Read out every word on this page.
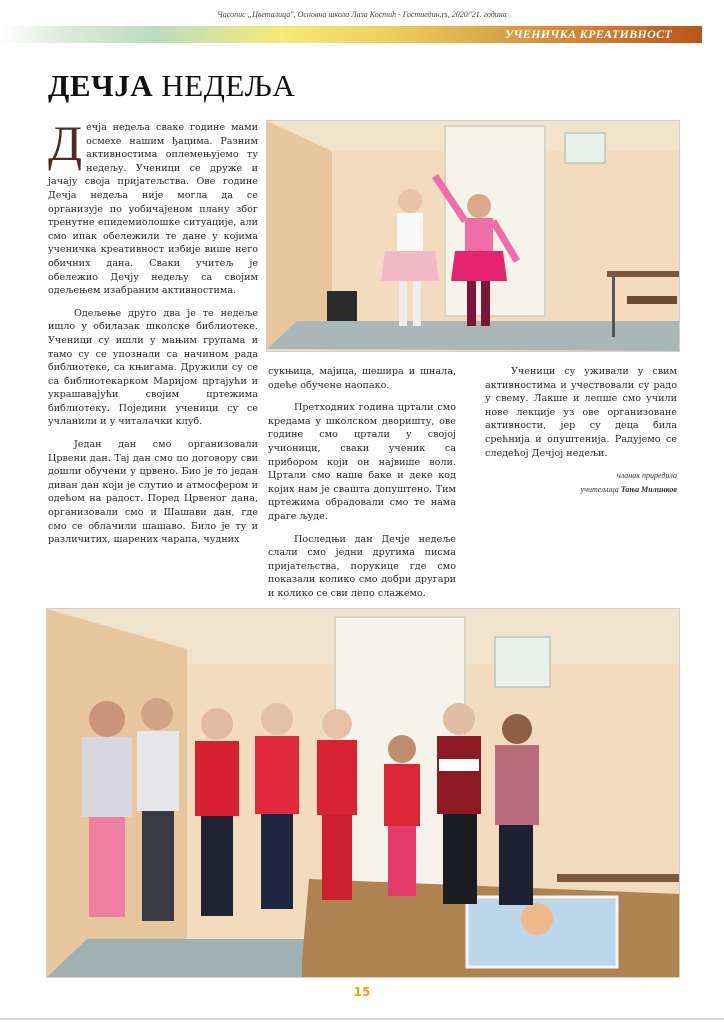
Часопис „Цветалица", Основна школа Лаза Костић - Гостиедин.rs, 2020/'21. година
УЧЕНИЧКА КРЕАТИВНОСТ
ДЕЧЈА НЕДЕЉА

Дечја недеља сваке године мами осмехе нашим ђацима. Разним активностима оплемењујемо ту недељу. Ученици се друже и јачају своја пријатељства. Ове године Дечја недеља није могла да се организује по уобичајеном плану због тренутне епидемиолошке ситуације, али смо ипак обележили те дане у којима ученичка креативност избије више него обичних дана. Сваки учитељ је обележио Дечју недељу са својим одељењем изабраним активностима.

Одељење друго два је те недеље ишло у обилазак школске библиотеке. Ученици су ишли у мањим групама и тамо су се упознали са начином рада библиотеке, са књигама. Дружили су се са библиотекарком Маријом цртајући и украшавајући својим цртежима библиотеку. Поједини ученици су се учланили и у читалачки клуб.

Један дан смо организовали Црвени дан. Тај дан смо по договору сви дошли обучени у црвено. Био је то један диван дан који је слутио и атмосфером и одећом на радост. Поред Црвеног дана, организовали смо и Шашави дан, где смо се облачили шашаво. Било је ту и различитих, шарених чарапа, чудних

сукњица, мајица, шешира и шнала, одеће обучене наопако.

Претходних година цртали смо кредама у школском дворишту, ове године смо цртали у својој учионици, сваки ученик са прибором који он највише воли. Цртали смо наше баке и деке код којих нам је свашта допуштено. Тим цртежима обрадовали смо те нама драге људе.

Последњи дан Дечје недеље слали смо једни другима писма пријатељства, порукице где смо показали колико смо добри другари и колико се сви лепо слажемо.

Ученици су уживали у свим активностима и учествовали су радо у свему. Лакше и лепше смо учили нове лекције уз ове организоване активности, јер су деца била срећнија и опуштенија. Радујемо се следећој Дечјој недељи.

чланак приредила
учитељица Тања Милинков
15
